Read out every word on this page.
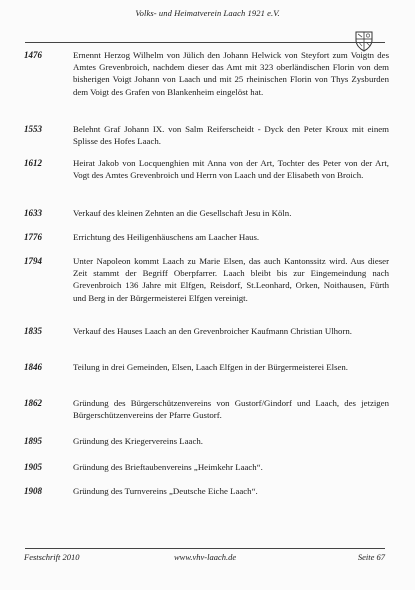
Volks- und Heimatverein Laach 1921 e.V.
1476	Ernennt Herzog Wilhelm von Jülich den Johann Helwick von Steyfort zum Voigtn des Amtes Grevenbroich, nachdem dieser das Amt mit 323 oberländischen Florin von dem bisherigen Voigt Johann von Laach und mit 25 rheinischen Florin von Thys Zysburden dem Voigt des Grafen von Blankenheim eingelöst hat.
1553	Belehnt Graf Johann IX. von Salm Reiferscheidt - Dyck den Peter Kroux mit einem Splisse des Hofes Laach.
1612	Heirat Jakob von Locquenghien mit Anna von der Art, Tochter des Peter von der Art, Vogt des Amtes Grevenbroich und Herrn von Laach und der Elisabeth von Broich.
1633	Verkauf des kleinen Zehnten an die Gesellschaft Jesu in Köln.
1776	Errichtung des Heiligenhäuschens am Laacher Haus.
1794	Unter Napoleon kommt Laach zu Marie Elsen, das auch Kantonssitz wird. Aus dieser Zeit stammt der Begriff Oberpfarrer. Laach bleibt bis zur Eingemeindung nach Grevenbroich 136 Jahre mit Elfgen, Reisdorf, St.Leonhard, Orken, Noithausen, Fürth und Berg in der Bürgermeisterei Elfgen vereinigt.
1835	Verkauf des Hauses Laach an den Grevenbroicher Kaufmann Christian Ulhorn.
1846	Teilung in drei Gemeinden, Elsen, Laach Elfgen in der Bürgermeisterei Elsen.
1862	Gründung des Bürgerschützenvereins von Gustorf/Gindorf und Laach, des jetzigen Bürgerschützenvereins der Pfarre Gustorf.
1895	Gründung des Kriegervereins Laach.
1905	Gründung des Brieftaubenvereins „Heimkehr Laach“.
1908	Gründung des Turnvereins „Deutsche Eiche Laach“.
Festschrift 2010	www.vhv-laach.de	Seite 67
